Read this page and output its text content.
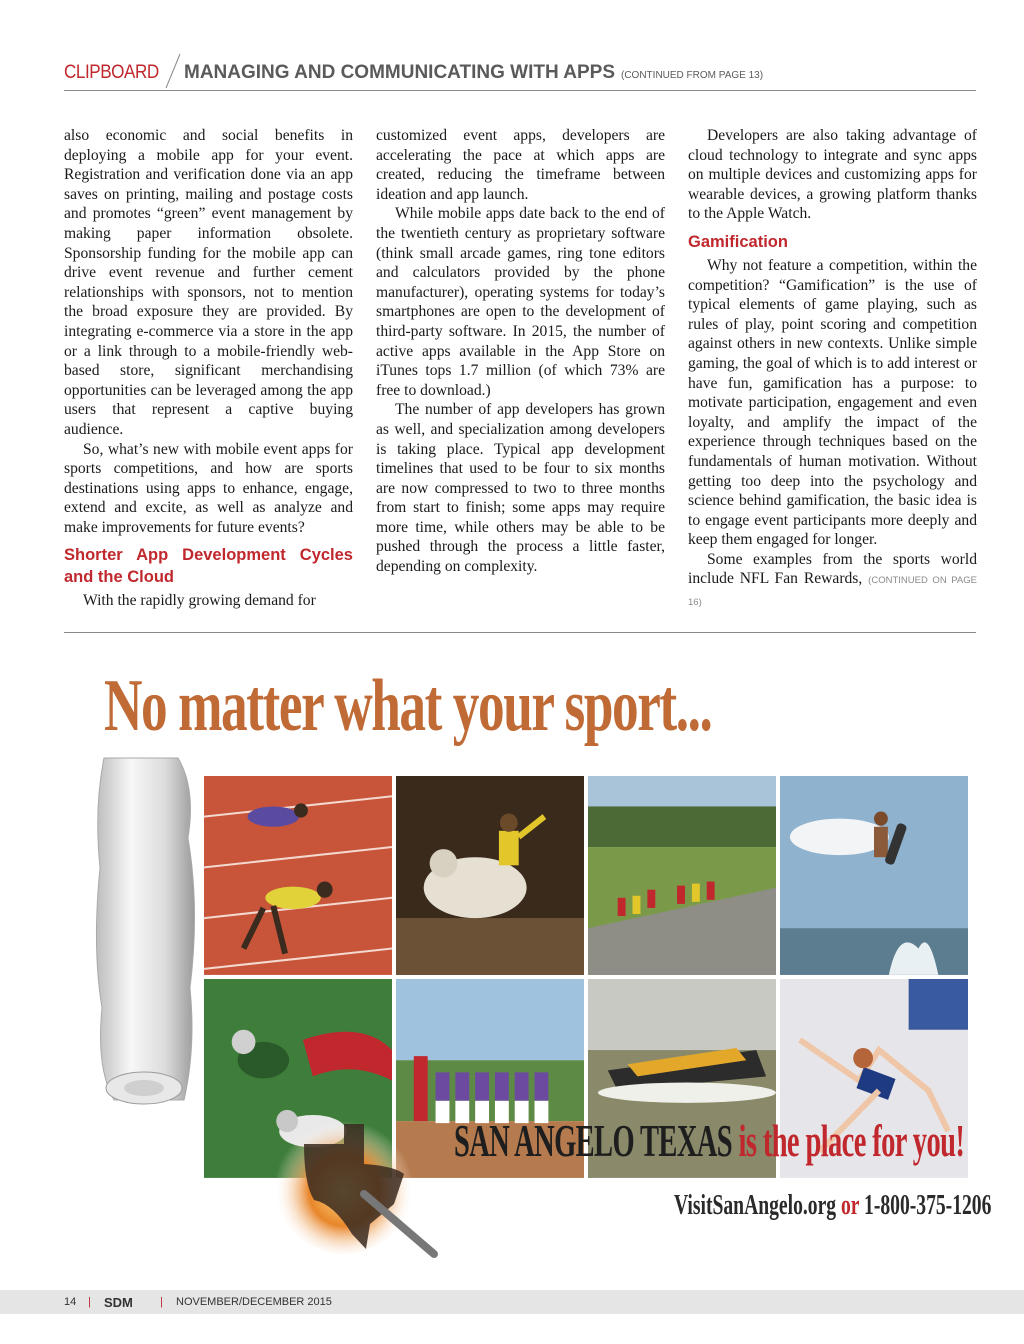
CLIPBOARD MANAGING AND COMMUNICATING WITH APPS (CONTINUED FROM PAGE 13)

also economic and social benefits in deploying a mobile app for your event. Registration and verification done via an app saves on printing, mailing and postage costs and promotes “green” event management by making paper information obsolete. Sponsorship funding for the mobile app can drive event revenue and further cement relationships with sponsors, not to mention the broad exposure they are provided. By integrating e-commerce via a store in the app or a link through to a mobile-friendly web-based store, significant merchandising opportunities can be leveraged among the app users that represent a captive buying audience.

So, what’s new with mobile event apps for sports competitions, and how are sports destinations using apps to enhance, engage, extend and excite, as well as analyze and make improvements for future events?

Shorter App Development Cycles and the Cloud

With the rapidly growing demand for

customized event apps, developers are accelerating the pace at which apps are created, reducing the timeframe between ideation and app launch.

While mobile apps date back to the end of the twentieth century as proprietary software (think small arcade games, ring tone editors and calculators provided by the phone manufacturer), operating systems for today’s smartphones are open to the development of third-party software. In 2015, the number of active apps available in the App Store on iTunes tops 1.7 million (of which 73% are free to download.)

The number of app developers has grown as well, and specialization among developers is taking place. Typical app development timelines that used to be four to six months are now compressed to two to three months from start to finish; some apps may require more time, while others may be able to be pushed through the process a little faster, depending on complexity.

Developers are also taking advantage of cloud technology to integrate and sync apps on multiple devices and customizing apps for wearable devices, a growing platform thanks to the Apple Watch.

Gamification

Why not feature a competition, within the competition? “Gamification” is the use of typical elements of game playing, such as rules of play, point scoring and competition against others in new contexts. Unlike simple gaming, the goal of which is to add interest or have fun, gamification has a purpose: to motivate participation, engagement and even loyalty, and amplify the impact of the experience through techniques based on the fundamentals of human motivation. Without getting too deep into the psychology and science behind gamification, the basic idea is to engage event participants more deeply and keep them engaged for longer.

Some examples from the sports world include NFL Fan Rewards, (CONTINUED ON PAGE 16)

No matter what your sport...
SAN ANGELO TEXAS is the place for you!
VisitSanAngelo.org or 1-800-375-1206
14 | SDM | NOVEMBER/DECEMBER 2015
